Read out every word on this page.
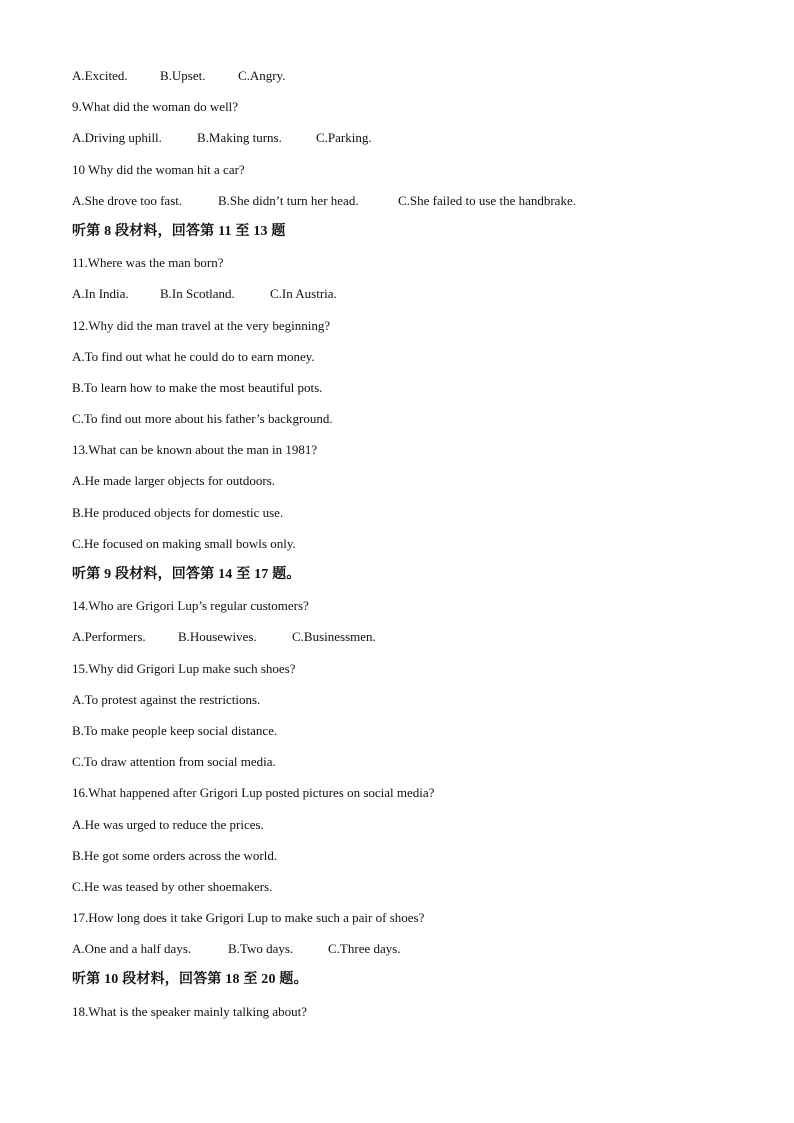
A.Excited. B.Upset.	C.Angry.
9.What did the woman do well?
A.Driving uphill.	B.Making turns.	C.Parking.
10 Why did the woman hit a car?
A.She drove too fast.	B.She didn’t turn her head.	C.She failed to use the handbrake.
听第 8 段材料，回答第 11 至 13 题
11.Where was the man born?
A.In India. B.In Scotland.	C.In Austria.
12.Why did the man travel at the very beginning?
A.To find out what he could do to earn money.
B.To learn how to make the most beautiful pots.
C.To find out more about his father’s background.
13.What can be known about the man in 1981?
A.He made larger objects for outdoors.
B.He produced objects for domestic use.
C.He focused on making small bowls only.
听第 9 段材料，回答第 14 至 17 题。
14.Who are Grigori Lup’s regular customers?
A.Performers. B.Housewives.	C.Businessmen.
15.Why did Grigori Lup make such shoes?
A.To protest against the restrictions.
B.To make people keep social distance.
C.To draw attention from social media.
16.What happened after Grigori Lup posted pictures on social media?
A.He was urged to reduce the prices.
B.He got some orders across the world.
C.He was teased by other shoemakers.
17.How long does it take Grigori Lup to make such a pair of shoes?
A.One and a half days.	B.Two days.	C.Three days.
听第 10 段材料，回答第 18 至 20 题。
18.What is the speaker mainly talking about?
